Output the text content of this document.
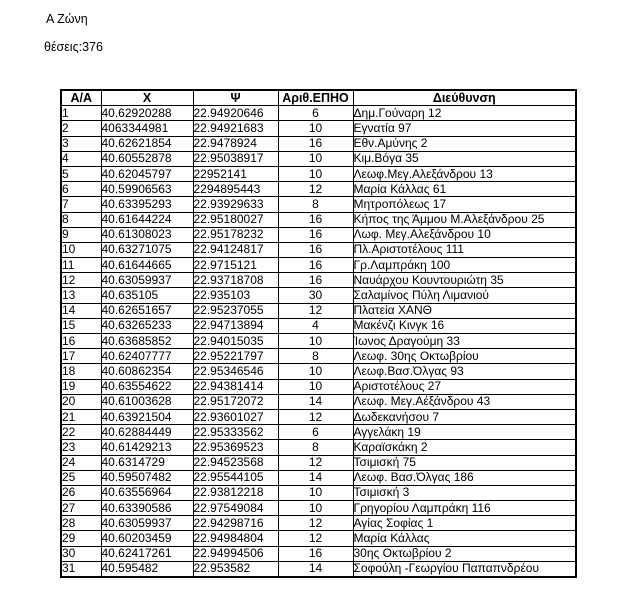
Α Ζώνη
θέσεις:376
Α/Α	Χ	Ψ	Αριθ.ΕΠΗΟ	Διεύθυνση
1	40.62920288	22.94920646	6	Δημ.Γούναρη 12
2	4063344981	22.94921683	10	Εγνατία 97
3	40.62621854	22.9478924	16	Εθν.Αμύνης 2
4	40.60552878	22.95038917	10	Κιμ.Βόγα 35
5	40.62045797	22952141	10	Λεωφ.Μεγ.Αλεξάνδρου 13
6	40.59906563	2294895443	12	Μαρία Κάλλας 61
7	40.63395293	22.93929633	8	Μητροπόλεως 17
8	40.61644224	22.95180027	16	Κήπος της Άμμου Μ.Αλεξάνδρου 25
9	40.61308023	22.95178232	16	Λωφ. Μεγ.Αλεξάνδρου 10
10	40.63271075	22.94124817	16	Πλ.Αριστοτέλους 111
11	40.61644665	22.9715121	16	Γρ.Λαμπράκη 100
12	40.63059937	22.93718708	16	Ναυάρχου Κουντουριώτη 35
13	40.635105	22.935103	30	Σαλαμίνος Πύλη Λιμανιού
14	40.62651657	22.95237055	12	Πλατεία ΧΑΝΘ
15	40.63265233	22.94713894	4	Μακένζι Κινγκ 16
16	40.63685852	22.94015035	10	Ίωνος Δραγούμη 33
17	40.62407777	22.95221797	8	Λεωφ. 30ης Οκτωβρίου
18	40.60862354	22.95346546	10	Λεωφ.Βασ.Όλγας 93
19	40.63554622	22.94381414	10	Αριστοτέλους 27
20	40.61003628	22.95172072	14	Λεωφ. Μεγ.Αέξάνδρου 43
21	40.63921504	22.93601027	12	Δωδεκανήσου 7
22	40.62884449	22.95333562	6	Αγγελάκη 19
23	40.61429213	22.95369523	8	Καραϊσκάκη 2
24	40.6314729	22.94523568	12	Τσιμισκή 75
25	40.59507482	22.95544105	14	Λεωφ. Βασ.Όλγας 186
26	40.63556964	22.93812218	10	Τσιμισκή 3
27	40.63390586	22.97549084	10	Γρηγορίου Λαμπράκη 116
28	40.63059937	22.94298716	12	Αγίας Σοφίας 1
29	40.60203459	22.94984804	12	Μαρία Κάλλας
30	40.62417261	22.94994506	16	30ης Οκτωβρίου 2
31	40.595482	22.953582	14	Σοφούλη -Γεωργίου Παπαπνδρέου
